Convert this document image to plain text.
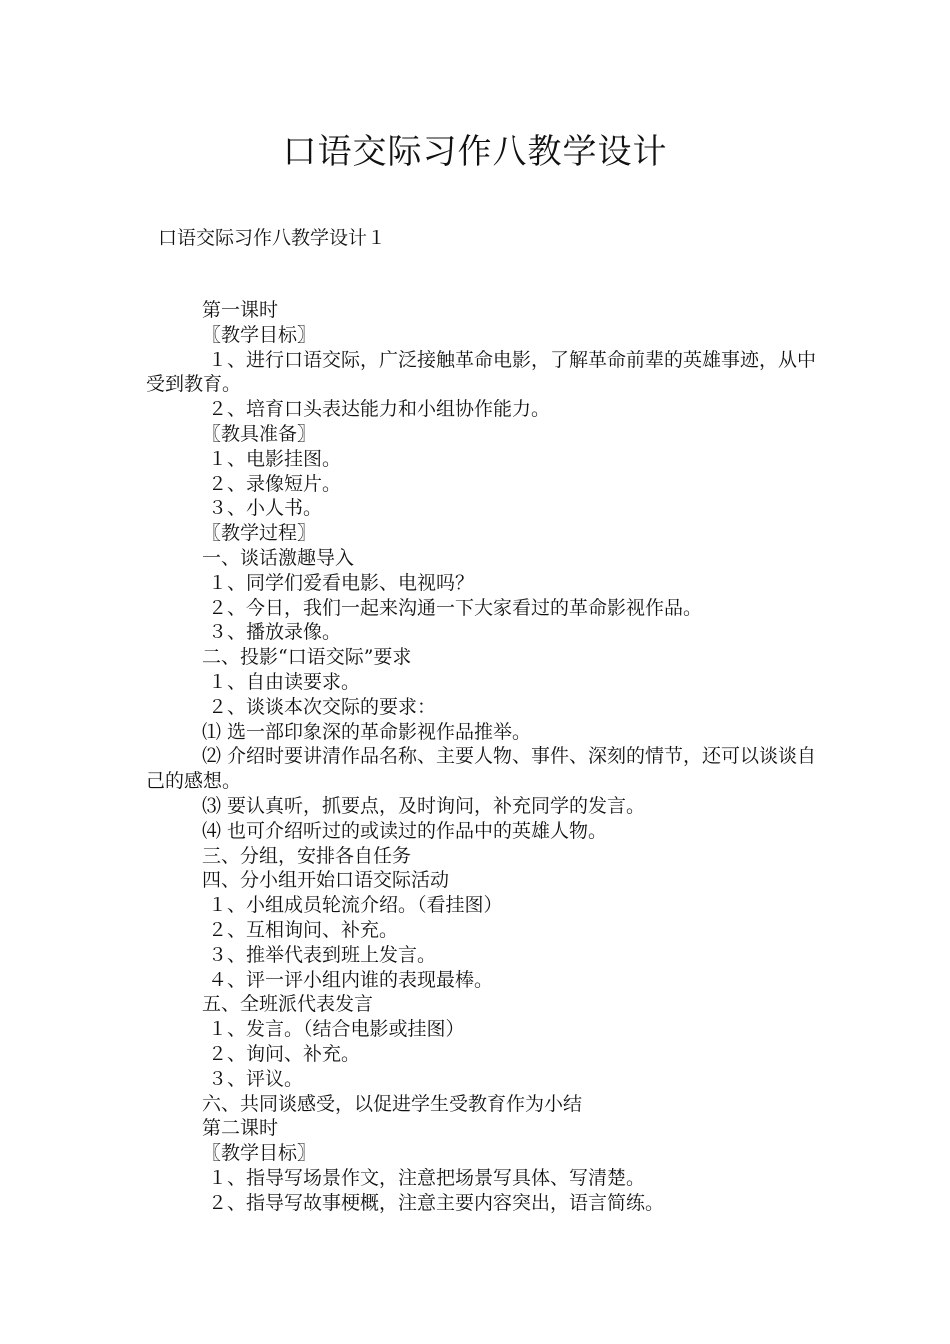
口语交际习作八教学设计
口语交际习作八教学设计１

第一课时

〖教学目标〗

１、进行口语交际，广泛接触革命电影，了解革命前辈的英雄事迹，从中受到教育。

２、培育口头表达能力和小组协作能力。

〖教具准备〗

１、电影挂图。

２、录像短片。

３、小人书。

〖教学过程〗

一、谈话激趣导入

１、同学们爱看电影、电视吗？

２、今日，我们一起来沟通一下大家看过的革命影视作品。

３、播放录像。

二、投影“口语交际”要求

１、自由读要求。

２、谈谈本次交际的要求：

⑴ 选一部印象深的革命影视作品推举。

⑵ 介绍时要讲清作品名称、主要人物、事件、深刻的情节，还可以谈谈自己的感想。

⑶ 要认真听，抓要点，及时询问，补充同学的发言。

⑷ 也可介绍听过的或读过的作品中的英雄人物。

三、分组，安排各自任务

四、分小组开始口语交际活动

１、小组成员轮流介绍。（看挂图）

２、互相询问、补充。

３、推举代表到班上发言。

４、评一评小组内谁的表现最棒。

五、全班派代表发言

１、发言。（结合电影或挂图）

２、询问、补充。

３、评议。

六、共同谈感受，以促进学生受教育作为小结

第二课时

〖教学目标〗

１、指导写场景作文，注意把场景写具体、写清楚。

２、指导写故事梗概，注意主要内容突出，语言简练。
